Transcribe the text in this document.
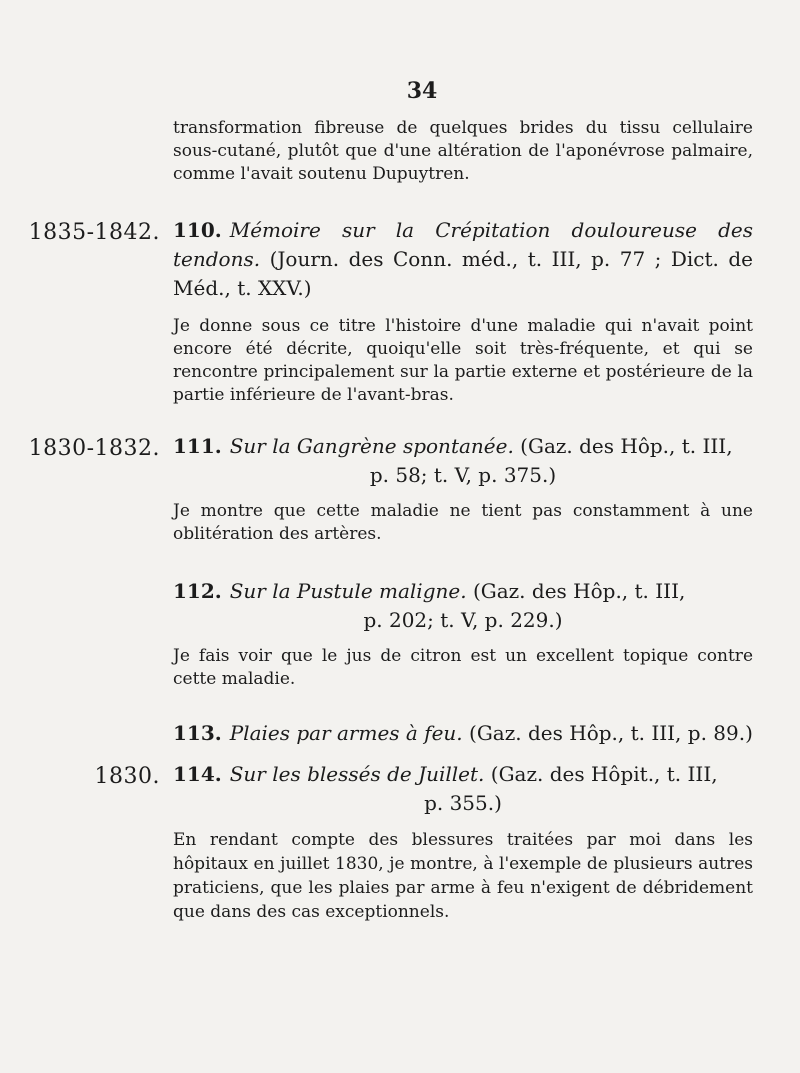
34

transformation fibreuse de quelques brides du tissu cellulaire sous-cutané, plutôt que d'une altération de l'aponévrose palmaire, comme l'avait soutenu Dupuytren.

1835-1842. 110. Mémoire sur la Crépitation douloureuse des tendons. (Journ. des Conn. méd., t. III, p. 77 ; Dict. de Méd., t. XXV.)

Je donne sous ce titre l'histoire d'une maladie qui n'avait point encore été décrite, quoiqu'elle soit très-fréquente, et qui se rencontre principalement sur la partie externe et postérieure de la partie inférieure de l'avant-bras.

1830-1832. 111. Sur la Gangrène spontanée. (Gaz. des Hôp., t. III,
p. 58; t. V, p. 375.)

Je montre que cette maladie ne tient pas constamment à une oblitération des artères.

112. Sur la Pustule maligne. (Gaz. des Hôp., t. III,
p. 202; t. V, p. 229.)

Je fais voir que le jus de citron est un excellent topique contre cette maladie.

113. Plaies par armes à feu. (Gaz. des Hôp., t. III, p. 89.)

1830. 114. Sur les blessés de Juillet. (Gaz. des Hôpit., t. III,
p. 355.)

En rendant compte des blessures traitées par moi dans les hôpitaux en juillet 1830, je montre, à l'exemple de plusieurs autres praticiens, que les plaies par arme à feu n'exigent de débridement que dans des cas exceptionnels.
